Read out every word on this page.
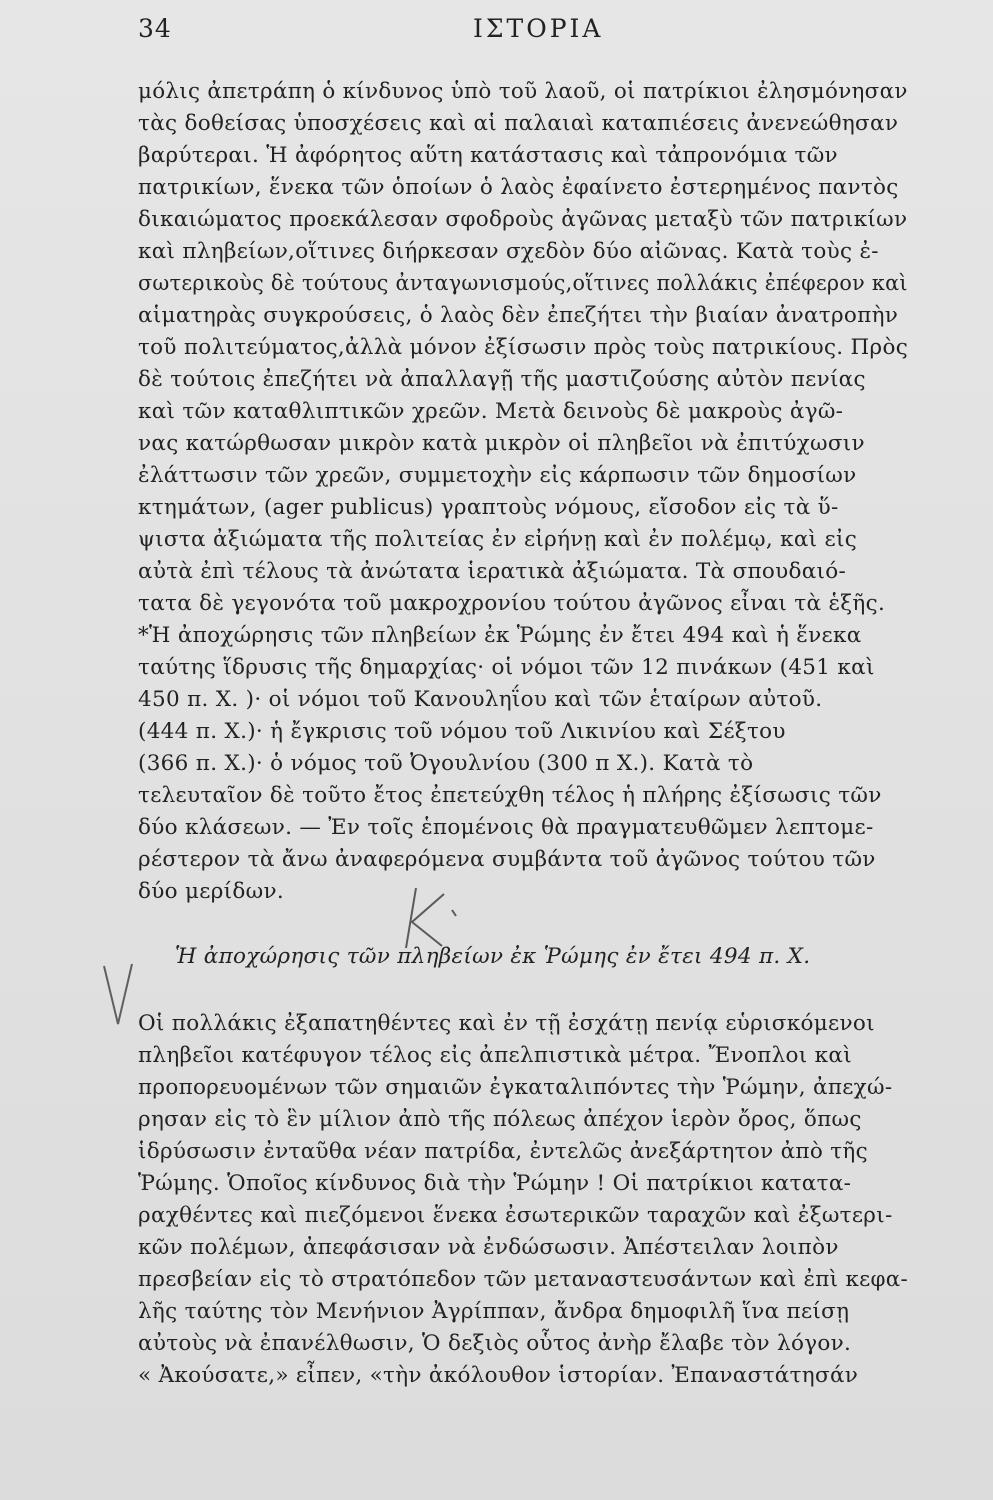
34	ΙΣΤΟΡΙΑ
μόλις ἀπετράπη ὁ κίνδυνος ὑπὸ τοῦ λαοῦ, οἱ πατρίκιοι ἐλησμόνησαν
τὰς δοθείσας ὑποσχέσεις καὶ αἱ παλαιαὶ καταπιέσεις ἀνενεώθησαν
βαρύτεραι. Ἡ ἀφόρητος αὕτη κατάστασις καὶ τἀπρονόμια τῶν
πατρικίων, ἕνεκα τῶν ὁποίων ὁ λαὸς ἐφαίνετο ἐστερημένος παντὸς
δικαιώματος προεκάλεσαν σφοδροὺς ἀγῶνας μεταξὺ τῶν πατρικίων
καὶ πληβείων,οἵτινες διήρκεσαν σχεδὸν δύο αἰῶνας. Κατὰ τοὺς ἐ-
σωτερικοὺς δὲ τούτους ἀνταγωνισμούς,οἵτινες πολλάκις ἐπέφερον καὶ
αἱματηρὰς συγκρούσεις, ὁ λαὸς δὲν ἐπεζήτει τὴν βιαίαν ἀνατροπὴν
τοῦ πολιτεύματος,ἀλλὰ μόνον ἐξίσωσιν πρὸς τοὺς πατρικίους. Πρὸς
δὲ τούτοις ἐπεζήτει νὰ ἀπαλλαγῇ τῆς μαστιζούσης αὐτὸν πενίας
καὶ τῶν καταθλιπτικῶν χρεῶν. Μετὰ δεινοὺς δὲ μακροὺς ἀγῶ-
νας κατώρθωσαν μικρὸν κατὰ μικρὸν οἱ πληβεῖοι νὰ ἐπιτύχωσιν
ἐλάττωσιν τῶν χρεῶν, συμμετοχὴν εἰς κάρπωσιν τῶν δημοσίων
κτημάτων, (ager publicus) γραπτοὺς νόμους, εἴσοδον εἰς τὰ ὕ-
ψιστα ἀξιώματα τῆς πολιτείας ἐν εἰρήνῃ καὶ ἐν πολέμῳ, καὶ εἰς
αὐτὰ ἐπὶ τέλους τὰ ἀνώτατα ἱερατικὰ ἀξιώματα. Τὰ σπουδαιό-
τατα δὲ γεγονότα τοῦ μακροχρονίου τούτου ἀγῶνος εἶναι τὰ ἑξῆς.
*Ἡ ἀποχώρησις τῶν πληβείων ἐκ Ῥώμης ἐν ἔτει 494 καὶ ἡ ἕνεκα
ταύτης ἵδρυσις τῆς δημαρχίας· οἱ νόμοι τῶν 12 πινάκων (451 καὶ
450 π. Χ. )· οἱ νόμοι τοῦ Κανουληΐου καὶ τῶν ἑταίρων αὐτοῦ.
(444 π. Χ.)· ἡ ἔγκρισις τοῦ νόμου τοῦ Λικινίου καὶ Σέξτου
(366 π. Χ.)· ὁ νόμος τοῦ Ὀγουλνίου (300 π Χ.). Κατὰ τὸ
τελευταῖον δὲ τοῦτο ἔτος ἐπετεύχθη τέλος ἡ πλήρης ἐξίσωσις τῶν
δύο κλάσεων. — Ἐν τοῖς ἑπομένοις θὰ πραγματευθῶμεν λεπτομε-
ρέστερον τὰ ἄνω ἀναφερόμενα συμβάντα τοῦ ἀγῶνος τούτου τῶν
δύο μερίδων.
Ἡ ἀποχώρησις τῶν πληβείων ἐκ Ῥώμης ἐν ἔτει 494 π. Χ.
Οἱ πολλάκις ἐξαπατηθέντες καὶ ἐν τῇ ἐσχάτῃ πενίᾳ εὑρισκόμενοι
πληβεῖοι κατέφυγον τέλος εἰς ἀπελπιστικὰ μέτρα. Ἔνοπλοι καὶ
προπορευομένων τῶν σημαιῶν ἐγκαταλιπόντες τὴν Ῥώμην, ἀπεχώ-
ρησαν εἰς τὸ ἓν μίλιον ἀπὸ τῆς πόλεως ἀπέχον ἱερὸν ὄρος, ὅπως
ἱδρύσωσιν ἐνταῦθα νέαν πατρίδα, ἐντελῶς ἀνεξάρτητον ἀπὸ τῆς
Ῥώμης. Ὁποῖος κίνδυνος διὰ τὴν Ῥώμην ! Οἱ πατρίκιοι κατατα-
ραχθέντες καὶ πιεζόμενοι ἕνεκα ἐσωτερικῶν ταραχῶν καὶ ἐξωτερι-
κῶν πολέμων, ἀπεφάσισαν νὰ ἐνδώσωσιν. Ἀπέστειλαν λοιπὸν
πρεσβείαν εἰς τὸ στρατόπεδον τῶν μεταναστευσάντων καὶ ἐπὶ κεφα-
λῆς ταύτης τὸν Μενήνιον Ἀγρίππαν, ἄνδρα δημοφιλῆ ἵνα πείσῃ
αὐτοὺς νὰ ἐπανέλθωσιν, Ὁ δεξιὸς οὗτος ἀνὴρ ἔλαβε τὸν λόγον.
« Ἀκούσατε,» εἶπεν, «τὴν ἀκόλουθον ἱστορίαν. Ἐπαναστάτησάν
